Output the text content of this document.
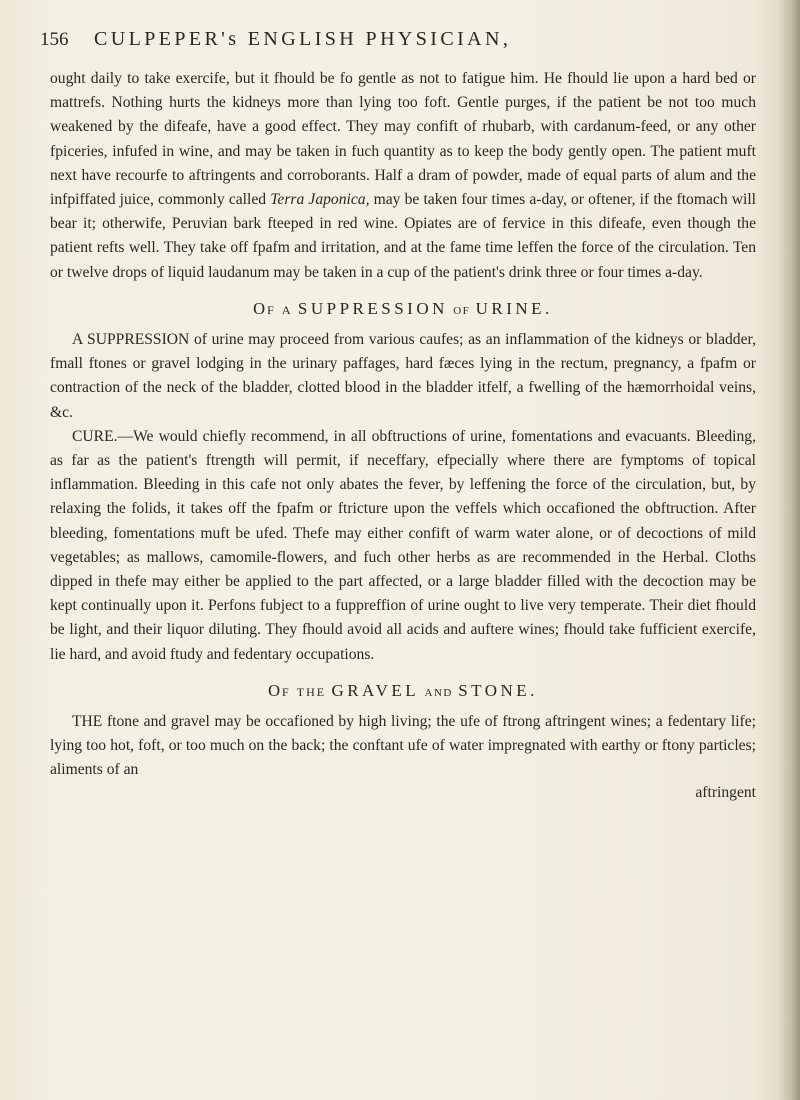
156	CULPEPER's ENGLISH PHYSICIAN,

ought daily to take exercife, but it fhould be fo gentle as not to fatigue him. He fhould lie upon a hard bed or mattrefs. Nothing hurts the kidneys more than lying too foft. Gentle purges, if the patient be not too much weakened by the difeafe, have a good effect. They may confift of rhubarb, with cardanum-feed, or any other fpiceries, infufed in wine, and may be taken in fuch quantity as to keep the body gently open. The patient muft next have recourfe to aftringents and corroborants. Half a dram of powder, made of equal parts of alum and the infpiffated juice, commonly called Terra Japonica, may be taken four times a-day, or oftener, if the ftomach will bear it; otherwife, Peruvian bark fteeped in red wine. Opiates are of fervice in this difeafe, even though the patient refts well. They take off fpafm and irritation, and at the fame time leffen the force of the circulation. Ten or twelve drops of liquid laudanum may be taken in a cup of the patient's drink three or four times a-day.

Of a SUPPRESSION of URINE.

A SUPPRESSION of urine may proceed from various caufes; as an inflammation of the kidneys or bladder, fmall ftones or gravel lodging in the urinary paffages, hard fæces lying in the rectum, pregnancy, a fpafm or contraction of the neck of the bladder, clotted blood in the bladder itfelf, a fwelling of the hæmorrhoidal veins, &c.

CURE.—We would chiefly recommend, in all obftructions of urine, fomentations and evacuants. Bleeding, as far as the patient's ftrength will permit, if neceffary, efpecially where there are fymptoms of topical inflammation. Bleeding in this cafe not only abates the fever, by leffening the force of the circulation, but, by relaxing the folids, it takes off the fpafm or ftricture upon the veffels which occafioned the obftruction. After bleeding, fomentations muft be ufed. Thefe may either confift of warm water alone, or of decoctions of mild vegetables; as mallows, camomile-flowers, and fuch other herbs as are recommended in the Herbal. Cloths dipped in thefe may either be applied to the part affected, or a large bladder filled with the decoction may be kept continually upon it. Perfons fubject to a fuppreffion of urine ought to live very temperate. Their diet fhould be light, and their liquor diluting. They fhould avoid all acids and auftere wines; fhould take fufficient exercife, lie hard, and avoid ftudy and fedentary occupations.

Of the GRAVEL and STONE.

THE ftone and gravel may be occafioned by high living; the ufe of ftrong aftringent wines; a fedentary life; lying too hot, foft, or too much on the back; the conftant ufe of water impregnated with earthy or ftony particles; aliments of an

aftringent
